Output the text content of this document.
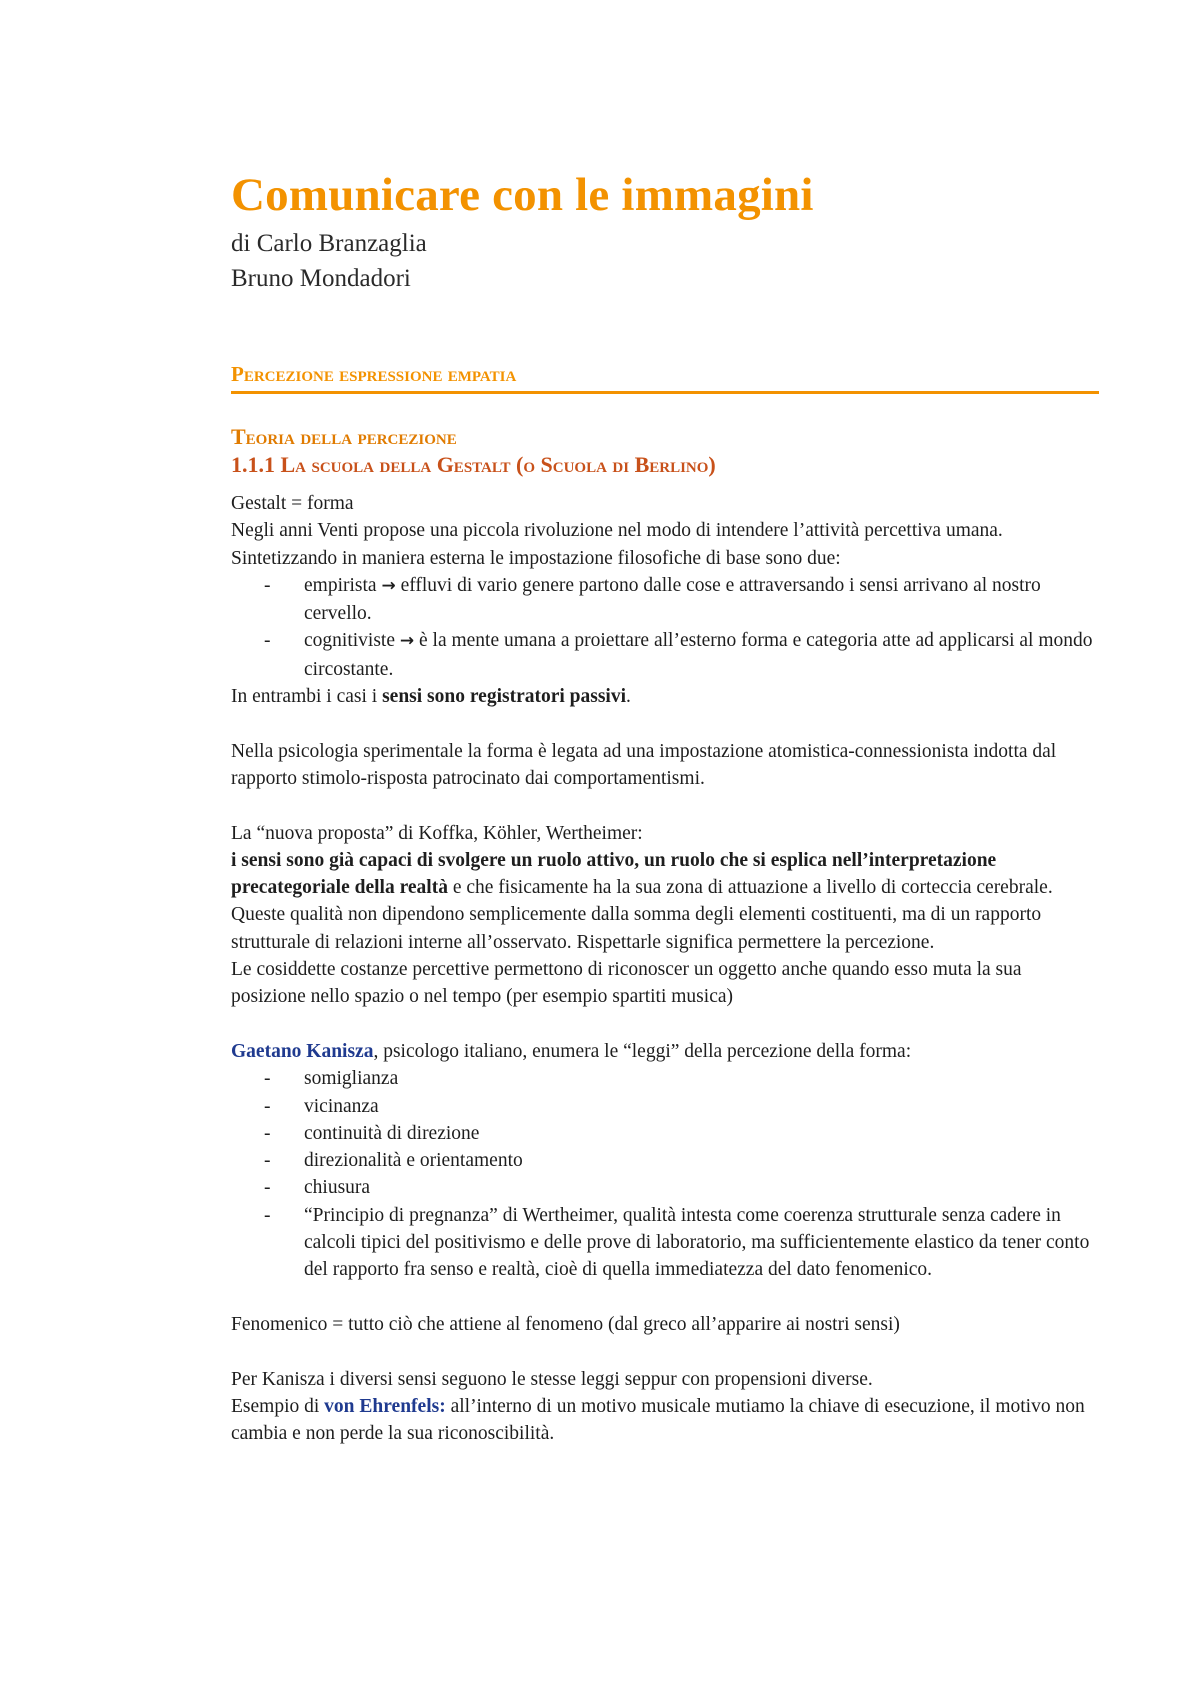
Comunicare con le immagini

di Carlo Branzaglia

Bruno Mondadori

Percezione espressione empatia
Teoria della percezione
1.1.1 La scuola della Gestalt (o Scuola di Berlino)

Gestalt = forma

Negli anni Venti propose una piccola rivoluzione nel modo di intendere l’attività percettiva umana.

Sintetizzando in maniera esterna le impostazione filosofiche di base sono due:

- empirista → effluvi di vario genere partono dalle cose e attraversando i sensi arrivano al nostro cervello.
- cognitiviste → è la mente umana a proiettare all’esterno forma e categoria atte ad applicarsi al mondo circostante.

In entrambi i casi i sensi sono registratori passivi.

Nella psicologia sperimentale la forma è legata ad una impostazione atomistica-connessionista indotta dal rapporto stimolo-risposta patrocinato dai comportamentismi.

La “nuova proposta” di Koffka, Köhler, Wertheimer:

i sensi sono già capaci di svolgere un ruolo attivo, un ruolo che si esplica nell’interpretazione precategoriale della realtà e che fisicamente ha la sua zona di attuazione a livello di corteccia cerebrale.

Queste qualità non dipendono semplicemente dalla somma degli elementi costituenti, ma di un rapporto strutturale di relazioni interne all’osservato. Rispettarle significa permettere la percezione.

Le cosiddette costanze percettive permettono di riconoscer un oggetto anche quando esso muta la sua posizione nello spazio o nel tempo (per esempio spartiti musica)

Gaetano Kanisza, psicologo italiano, enumera le “leggi” della percezione della forma:

- somiglianza
- vicinanza
- continuità di direzione
- direzionalità e orientamento
- chiusura
- “Principio di pregnanza” di Wertheimer, qualità intesta come coerenza strutturale senza cadere in calcoli tipici del positivismo e delle prove di laboratorio, ma sufficientemente elastico da tener conto del rapporto fra senso e realtà, cioè di quella immediatezza del dato fenomenico.

Fenomenico = tutto ciò che attiene al fenomeno (dal greco all’apparire ai nostri sensi)

Per Kanisza i diversi sensi seguono le stesse leggi seppur con propensioni diverse.

Esempio di von Ehrenfels: all’interno di un motivo musicale mutiamo la chiave di esecuzione, il motivo non cambia e non perde la sua riconoscibilità.
